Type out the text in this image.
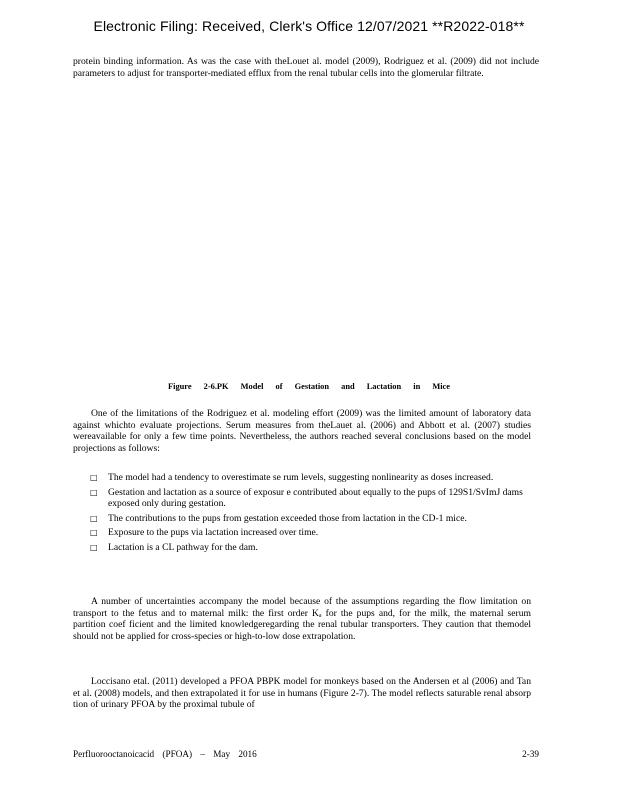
Electronic Filing: Received, Clerk's Office 12/07/2021 **R2022-018**
protein binding information. As was the case with theLouet al. model (2009), Rodriguez et al. (2009) did not include parameters to adjust for transporter-mediated efflux from the renal tubular cells into the glomerular filtrate.
Figure 2-6.PK Model of Gestation and Lactation in Mice
One of the limitations of the Rodriguez et al. modeling effort (2009) was the limited amount of laboratory data against whichto evaluate projections. Serum measures from theLauet al. (2006) and Abbott et al. (2007) studies wereavailable for only a few time points. Nevertheless, the authors reached several conclusions based on the model projections as follows:
□	The model had a tendency to overestimate se rum levels, suggesting nonlinearity as doses increased.
□	Gestation and lactation as a source of exposur e contributed about equally to the pups of 129S1/SvImJ dams exposed only during gestation.
□	The contributions to the pups from gestation exceeded those from lactation in the CD-1 mice.
□	Exposure to the pups via lactation increased over time.
□	Lactation is a CL pathway for the dam.
A number of uncertainties accompany the model because of the assumptions regarding the flow limitation on transport to the fetus and to maternal milk: the first order Kₐ for the pups and, for the milk, the maternal serum partition coef ficient and the limited knowledgeregarding the renal tubular transporters. They caution that themodel should not be applied for cross-species or high-to-low dose extrapolation.
Loccisano etal. (2011) developed a PFOA PBPK model for monkeys based on the Andersen et al (2006) and Tan et al. (2008) models, and then extrapolated it for use in humans (Figure 2-7). The model reflects saturable renal absorp tion of urinary PFOA by the proximal tubule of
Perfluorooctanoicacid (PFOA) – May 2016	2-39
